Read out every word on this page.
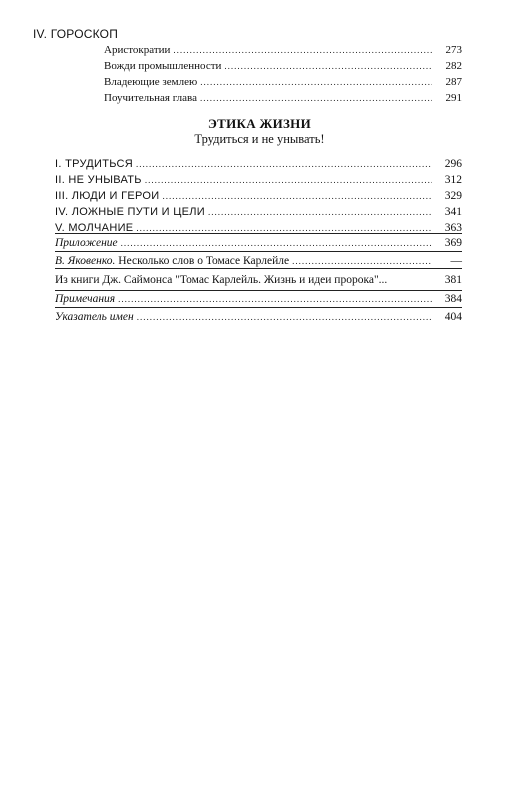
IV. ГОРОСКОП
Аристократии .....	273
Вожди промышленности .....	282
Владеющие землею .....	287
Поучительная глава .....	291
ЭТИКА ЖИЗНИ
Трудиться и не унывать!
I. ТРУДИТЬСЯ .....	296
II. НЕ УНЫВАТЬ .....	312
III. ЛЮДИ И ГЕРОИ .....	329
IV. ЛОЖНЫЕ ПУТИ И ЦЕЛИ .....	341
V. МОЛЧАНИЕ .....	363
Приложение .....	369
В. Яковенко. Несколько слов о Томасе Карлейле .....	—
Из книги Дж. Саймонса "Томас Карлейль. Жизнь и идеи пророка"...	381
Примечания .....	384
Указатель имен .....	404
